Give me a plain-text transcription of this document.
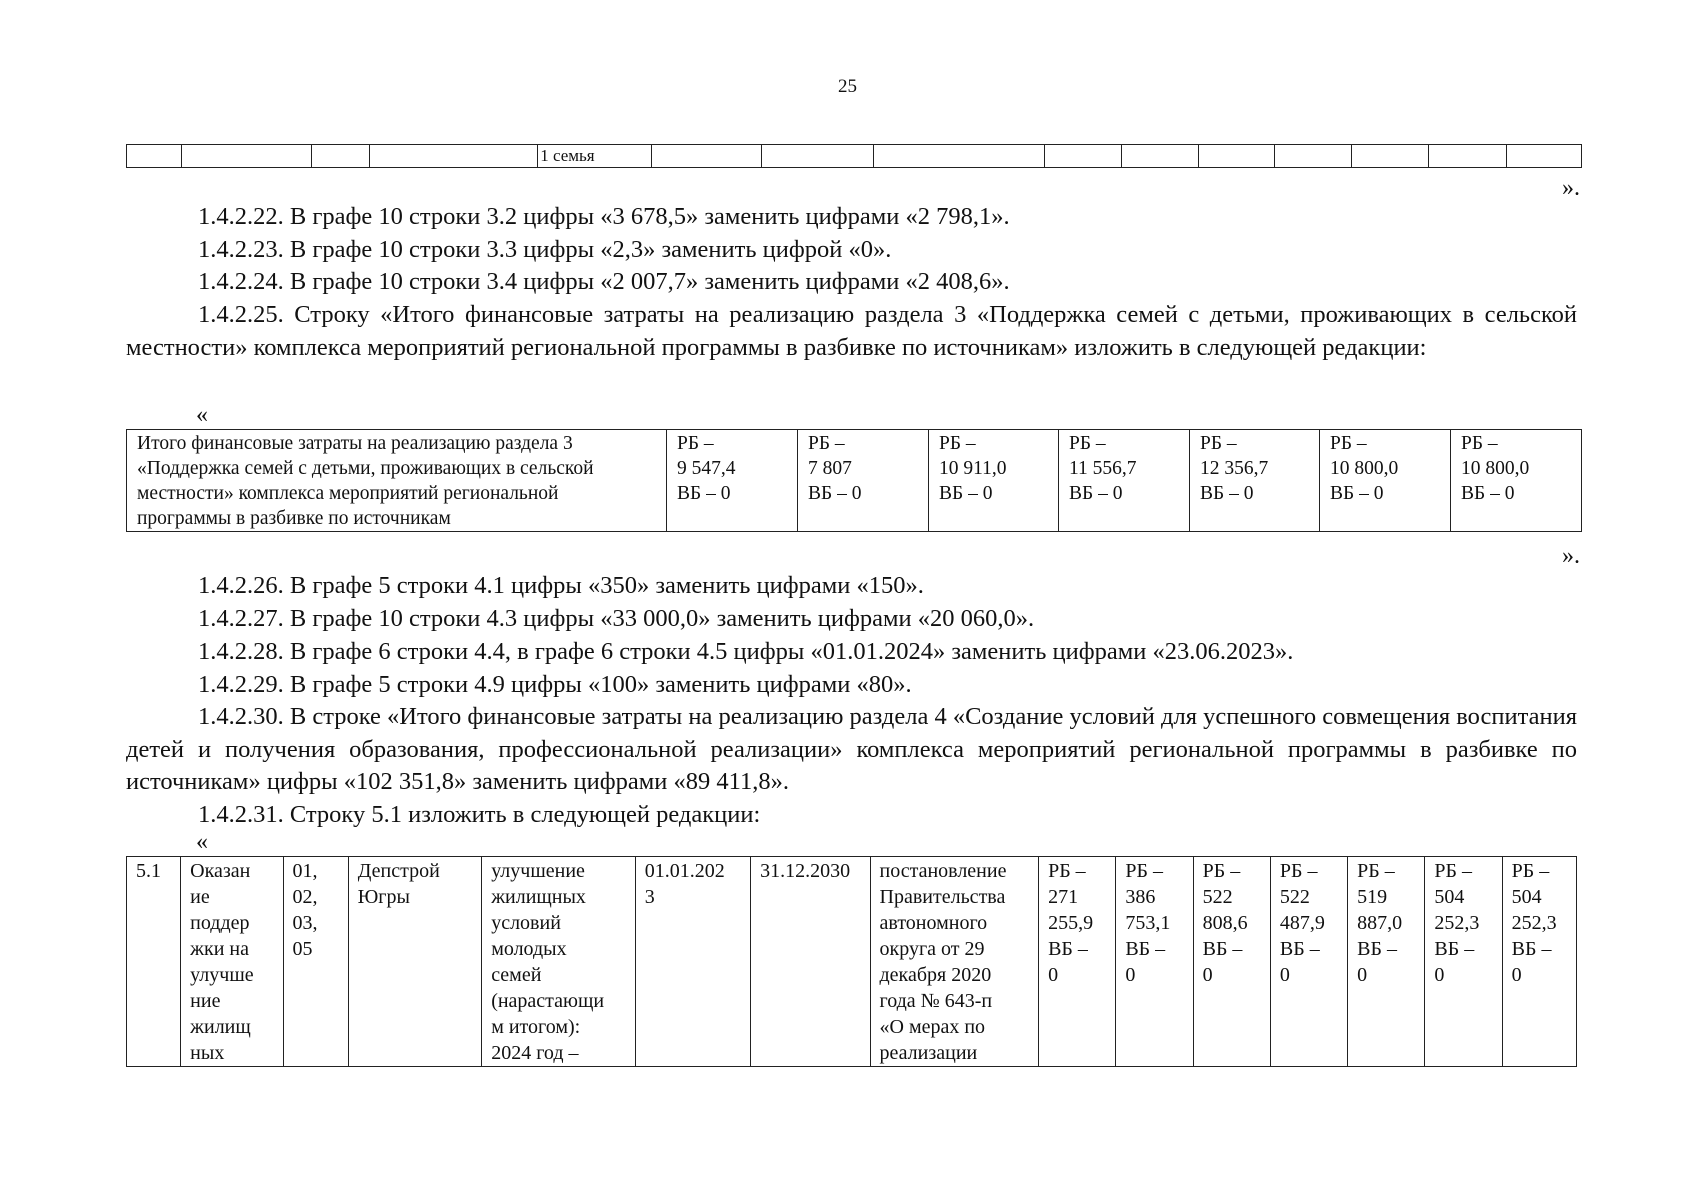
25
				1 семья										
».

1.4.2.22. В графе 10 строки 3.2 цифры «3 678,5» заменить цифрами «2 798,1».

1.4.2.23. В графе 10 строки 3.3 цифры «2,3» заменить цифрой «0».

1.4.2.24. В графе 10 строки 3.4 цифры «2 007,7» заменить цифрами «2 408,6».

1.4.2.25. Строку «Итого финансовые затраты на реализацию раздела 3 «Поддержка семей с детьми, проживающих в сельской местности» комплекса мероприятий региональной программы в разбивке по источникам» изложить в следующей редакции:

«
Итого финансовые затраты на реализацию раздела 3 «Поддержка семей с детьми, проживающих в сельской местности» комплекса мероприятий региональной программы в разбивке по источникам	РБ –
9 547,4
ВБ – 0	РБ –
7 807
ВБ – 0	РБ –
10 911,0
ВБ – 0	РБ –
11 556,7
ВБ – 0	РБ –
12 356,7
ВБ – 0	РБ –
10 800,0
ВБ – 0	РБ –
10 800,0
ВБ – 0
».

1.4.2.26. В графе 5 строки 4.1 цифры «350» заменить цифрами «150».

1.4.2.27. В графе 10 строки 4.3 цифры «33 000,0» заменить цифрами «20 060,0».

1.4.2.28. В графе 6 строки 4.4, в графе 6 строки 4.5 цифры «01.01.2024» заменить цифрами «23.06.2023».

1.4.2.29. В графе 5 строки 4.9 цифры «100» заменить цифрами «80».

1.4.2.30. В строке «Итого финансовые затраты на реализацию раздела 4 «Создание условий для успешного совмещения воспитания детей и получения образования, профессиональной реализации» комплекса мероприятий региональной программы в разбивке по источникам» цифры «102 351,8» заменить цифрами «89 411,8».

1.4.2.31. Строку 5.1 изложить в следующей редакции:

«
5.1	Оказан
ие
поддер
жки на
улучше
ние
жилищ
ных	01,
02,
03,
05	Депстрой
Югры	улучшение
жилищных
условий
молодых
семей
(нарастающи
м итогом):
2024 год –	01.01.202
3	31.12.2030	постановление
Правительства
автономного
округа от 29
декабря 2020
года № 643-п
«О мерах по
реализации	РБ –
271
255,9
ВБ –
0	РБ –
386
753,1
ВБ –
0	РБ –
522
808,6
ВБ –
0	РБ –
522
487,9
ВБ –
0	РБ –
519
887,0
ВБ –
0	РБ –
504
252,3
ВБ –
0	РБ –
504
252,3
ВБ –
0
